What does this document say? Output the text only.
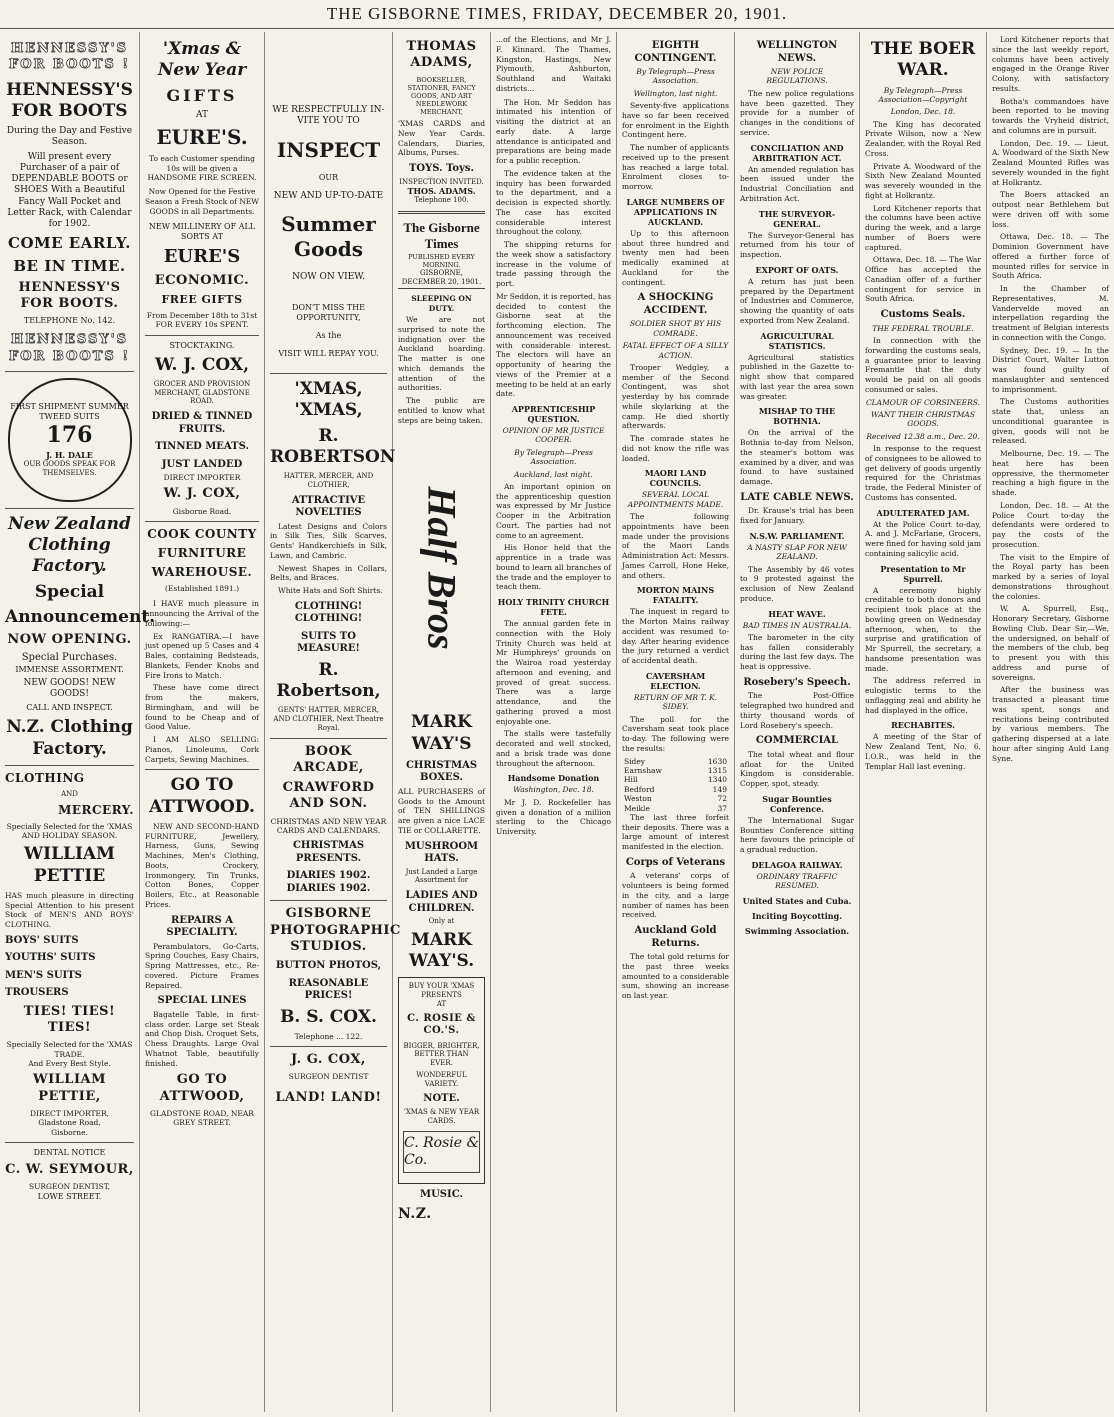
THE GISBORNE TIMES, FRIDAY, DECEMBER 20, 1901.
HENNESSY'S FOR BOOTS !
HENNESSY'S FOR BOOTS
During the Day and Festive Season.
Will present every Purchaser of a pair of DEPENDABLE BOOTS or SHOES With a Beautiful Fancy Wall Pocket and Letter Rack, with Calendar for 1902.
COME EARLY.
BE IN TIME.
HENNESSY'S FOR BOOTS.
TELEPHONE No. 142.
HENNESSY'S FOR BOOTS !
FIRST SHIPMENT SUMMER TWEED SUITS
176
J. H. DALE
OUR GOODS SPEAK FOR THEMSELVES.
New Zealand Clothing Factory.
Special
Announcement.
NOW OPENING.
Special Purchases.
IMMENSE ASSORTMENT.
NEW GOODS! NEW GOODS!
CALL AND INSPECT.
N.Z. Clothing Factory.
CLOTHING
AND
MERCERY.
Specially Selected for the 'XMAS AND HOLIDAY SEASON.
WILLIAM PETTIE
HAS much pleasure in directing Special Attention to his present Stock of MEN'S AND BOYS' CLOTHING.
BOYS' SUITS
YOUTHS' SUITS
MEN'S SUITS
TROUSERS
TIES! TIES! TIES!
Specially Selected for the 'XMAS TRADE.
And Every Best Style.
WILLIAM PETTIE,
DIRECT IMPORTER,
Gladstone Road,
Gisborne.
DENTAL NOTICE
C. W. SEYMOUR,
SURGEON DENTIST,
LOWE STREET.
'Xmas & New Year
GIFTS
AT
EURE'S.
To each Customer spending 10s will be given a HANDSOME FIRE SCREEN.
Now Opened for the Festive Season a Fresh Stock of NEW GOODS in all Departments.
NEW MILLINERY OF ALL SORTS AT
EURE'S
ECONOMIC.
FREE GIFTS
From December 18th to 31st FOR EVERY 10s SPENT.
STOCKTAKING.
W. J. COX,
GROCER AND PROVISION MERCHANT, GLADSTONE ROAD.
DRIED & TINNED FRUITS.
TINNED MEATS.
JUST LANDED
DIRECT IMPORTER
W. J. COX,
Gisborne Road.
COOK COUNTY
FURNITURE
WAREHOUSE.
(Established 1891.)

I HAVE much pleasure in announcing the Arrival of the following:—

Ex RANGATIRA.—I have just opened up 5 Cases and 4 Bales, containing Bedsteads, Blankets, Fender Knobs and Fire Irons to Match.

These have come direct from the makers, Birmingham, and will be found to be Cheap and of Good Value.

I AM ALSO SELLING: Pianos, Linoleums, Cork Carpets, Sewing Machines.

GO TO ATTWOOD.

NEW AND SECOND-HAND FURNITURE, Jewellery, Harness, Guns, Sewing Machines, Men's Clothing, Boots, Crockery, Ironmongery, Tin Trunks, Cotton Bones, Copper Boilers, Etc., at Reasonable Prices.

REPAIRS A SPECIALITY.

Perambulators, Go-Carts, Spring Couches, Easy Chairs, Spring Mattresses, etc., Re-covered. Picture Frames Repaired.

SPECIAL LINES

Bagatelle Table, in first-class order. Large set Steak and Chop Dish. Croquet Sets, Chess Draughts. Large Oval Whatnot Table, beautifully finished.

GO TO ATTWOOD,
GLADSTONE ROAD, NEAR GREY STREET.
WE RESPECTFULLY IN- VITE YOU TO
INSPECT
OUR
NEW AND UP-TO-DATE
Summer Goods
NOW ON VIEW.
DON'T MISS THE OPPORTUNITY,
As the
VISIT WILL REPAY YOU.
'XMAS, 'XMAS,
R. ROBERTSON
HATTER, MERCER, AND CLOTHIER,
ATTRACTIVE NOVELTIES

Latest Designs and Colors in Silk Ties, Silk Scarves, Gents' Handkerchiefs in Silk, Lawn, and Cambric.

Newest Shapes in Collars, Belts, and Braces.

White Hats and Soft Shirts.

CLOTHING! CLOTHING!
SUITS TO MEASURE!
R. Robertson,
GENTS' HATTER, MERCER, AND CLOTHIER, Next Theatre Royal.
BOOK ARCADE,
CRAWFORD AND SON.
CHRISTMAS AND NEW YEAR CARDS AND CALENDARS.
CHRISTMAS PRESENTS.
DIARIES 1902. DIARIES 1902.
GISBORNE PHOTOGRAPHIC STUDIOS.
BUTTON PHOTOS,
REASONABLE PRICES!
B. S. COX.
Telephone ... 122.
J. G. COX,
SURGEON DENTIST
LAND! LAND!
THOMAS ADAMS,
BOOKSELLER, STATIONER, FANCY GOODS, AND ART NEEDLEWORK MERCHANT,
'XMAS CARDS and New Year Cards. Calendars, Diaries, Albums, Purses.
TOYS. Toys.
INSPECTION INVITED.
THOS. ADAMS.
Telephone 100.
The Gisborne Times
PUBLISHED EVERY MORNING.
GISBORNE, DECEMBER 20, 1901.
SLEEPING ON DUTY.

We are not surprised to note the indignation over the Auckland hoarding. The matter is one which demands the attention of the authorities.

The public are entitled to know what steps are being taken.

Half Bros
MARK WAY'S
CHRISTMAS BOXES.
ALL PURCHASERS of Goods to the Amount of TEN SHILLINGS are given a nice LACE TIE or COLLARETTE.
MUSHROOM HATS.
Just Landed a Large Assortment for
LADIES AND CHILDREN.
Only at
MARK WAY'S.
BUY YOUR 'XMAS PRESENTS
AT
C. ROSIE & CO.'S.
BIGGER, BRIGHTER, BETTER THAN EVER.
WONDERFUL VARIETY.
NOTE.
'XMAS & NEW YEAR CARDS.
C. Rosie & Co.
MUSIC.
N.Z.
...of the Elections, and Mr J. F. Kinnard. The Thames, Kingston, Hastings, New Plymouth, Ashburton, Southland and Waitaki districts...

The Hon. Mr Seddon has intimated his intention of visiting the district at an early date. A large attendance is anticipated and preparations are being made for a public reception.

The evidence taken at the inquiry has been forwarded to the department, and a decision is expected shortly. The case has excited considerable interest throughout the colony.

The shipping returns for the week show a satisfactory increase in the volume of trade passing through the port.

Mr Seddon, it is reported, has decided to contest the Gisborne seat at the forthcoming election. The announcement was received with considerable interest. The electors will have an opportunity of hearing the views of the Premier at a meeting to be held at an early date.
APPRENTICESHIP QUESTION.
OPINION OF MR JUSTICE COOPER.
By Telegraph—Press Association.
Auckland, last night.

An important opinion on the apprenticeship question was expressed by Mr Justice Cooper in the Arbitration Court. The parties had not come to an agreement.

His Honor held that the apprentice in a trade was bound to learn all branches of the trade and the employer to teach them.

HOLY TRINITY CHURCH FETE.

The annual garden fete in connection with the Holy Trinity Church was held at Mr Humphreys' grounds on the Wairoa road yesterday afternoon and evening, and proved of great success. There was a large attendance, and the gathering proved a most enjoyable one.

The stalls were tastefully decorated and well stocked, and a brisk trade was done throughout the afternoon.

Handsome Donation
Washington, Dec. 18.

Mr J. D. Rockefeller has given a donation of a million sterling to the Chicago University.

EIGHTH CONTINGENT.
By Telegraph—Press Association.
Wellington, last night.

Seventy-five applications have so far been received for enrolment in the Eighth Contingent here.

The number of applicants received up to the present has reached a large total. Enrolment closes to-morrow.

LARGE NUMBERS OF APPLICATIONS IN AUCKLAND.

Up to this afternoon about three hundred and twenty men had been medically examined at Auckland for the contingent.

A SHOCKING ACCIDENT.
SOLDIER SHOT BY HIS COMRADE.
FATAL EFFECT OF A SILLY ACTION.

Trooper Wedgley, a member of the Second Contingent, was shot yesterday by his comrade while skylarking at the camp. He died shortly afterwards.

The comrade states he did not know the rifle was loaded.

MAORI LAND COUNCILS.
SEVERAL LOCAL APPOINTMENTS MADE.

The following appointments have been made under the provisions of the Maori Lands Administration Act: Messrs. James Carroll, Hone Heke, and others.

MORTON MAINS FATALITY.

The inquest in regard to the Morton Mains railway accident was resumed to-day. After hearing evidence the jury returned a verdict of accidental death.

CAVERSHAM ELECTION.
RETURN OF MR T. K. SIDEY.

The poll for the Caversham seat took place to-day. The following were the results:

Sidey	1630
Earnshaw	1315
Hill	1340
Bedford	149
Weston	72
Meikle	37

The last three forfeit their deposits. There was a large amount of interest manifested in the election.

Corps of Veterans

A veterans' corps of volunteers is being formed in the city, and a large number of names has been received.

Auckland Gold Returns.

The total gold returns for the past three weeks amounted to a considerable sum, showing an increase on last year.

WELLINGTON NEWS.
NEW POLICE REGULATIONS.

The new police regulations have been gazetted. They provide for a number of changes in the conditions of service.

CONCILIATION AND ARBITRATION ACT.

An amended regulation has been issued under the Industrial Conciliation and Arbitration Act.

THE SURVEYOR-GENERAL.

The Surveyor-General has returned from his tour of inspection.

EXPORT OF OATS.

A return has just been prepared by the Department of Industries and Commerce, showing the quantity of oats exported from New Zealand.

AGRICULTURAL STATISTICS.

Agricultural statistics published in the Gazette to-night show that compared with last year the area sown was greater.

MISHAP TO THE BOTHNIA.

On the arrival of the Bothnia to-day from Nelson, the steamer's bottom was examined by a diver, and was found to have sustained damage.

LATE CABLE NEWS.

Dr. Krause's trial has been fixed for January.

N.S.W. PARLIAMENT.
A NASTY SLAP FOR NEW ZEALAND.

The Assembly by 46 votes to 9 protested against the exclusion of New Zealand produce.

HEAT WAVE.
BAD TIMES IN AUSTRALIA.

The barometer in the city has fallen considerably during the last few days. The heat is oppressive.

Rosebery's Speech.

The Post-Office telegraphed two hundred and thirty thousand words of Lord Rosebery's speech.

COMMERCIAL

The total wheat and flour afloat for the United Kingdom is considerable. Copper, spot, steady.

Sugar Bounties Conference.

The International Sugar Bounties Conference sitting here favours the principle of a gradual reduction.

DELAGOA RAILWAY.
ORDINARY TRAFFIC RESUMED.
United States and Cuba.
Inciting Boycotting.
Swimming Association.
THE BOER WAR.
By Telegraph—Press Association—Copyright
London, Dec. 18.

The King has decorated Private Wilson, now a New Zealander, with the Royal Red Cross.

Private A. Woodward of the Sixth New Zealand Mounted was severely wounded in the fight at Holkrantz.

Lord Kitchener reports that the columns have been active during the week, and a large number of Boers were captured.

Ottawa, Dec. 18. — The War Office has accepted the Canadian offer of a further contingent for service in South Africa.

Customs Seals.
THE FEDERAL TROUBLE.

In connection with the forwarding the customs seals, a guarantee prior to leaving Fremantle that the duty would be paid on all goods consumed or sales.

CLAMOUR OF CORSINEERS.
WANT THEIR CHRISTMAS GOODS.
Received 12.38 a.m., Dec. 20.

In response to the request of consignees to be allowed to get delivery of goods urgently required for the Christmas trade, the Federal Minister of Customs has consented.

ADULTERATED JAM.

At the Police Court to-day, A. and J. McFarlane, Grocers, were fined for having sold jam containing salicylic acid.

Presentation to Mr Spurrell.

A ceremony highly creditable to both donors and recipient took place at the bowling green on Wednesday afternoon, when, to the surprise and gratification of Mr Spurrell, the secretary, a handsome presentation was made.

The address referred in eulogistic terms to the unflagging zeal and ability he had displayed in the office.

RECHABITES.

A meeting of the Star of New Zealand Tent, No. 6, I.O.R., was held in the Templar Hall last evening.

Lord Kitchener reports that since the last weekly report, columns have been actively engaged in the Orange River Colony, with satisfactory results.

Botha's commandoes have been reported to be moving towards the Vryheid district, and columns are in pursuit.

London, Dec. 19. — Lieut. A. Woodward of the Sixth New Zealand Mounted Rifles was severely wounded in the fight at Holkrantz.

The Boers attacked an outpost near Bethlehem but were driven off with some loss.

Ottawa, Dec. 18. — The Dominion Government have offered a further force of mounted rifles for service in South Africa.

In the Chamber of Representatives, M. Vandervelde moved an interpellation regarding the treatment of Belgian interests in connection with the Congo.

Sydney, Dec. 19. — In the District Court, Walter Lutton was found guilty of manslaughter and sentenced to imprisonment.

The Customs authorities state that, unless an unconditional guarantee is given, goods will not be released.

Melbourne, Dec. 19. — The heat here has been oppressive, the thermometer reaching a high figure in the shade.

London, Dec. 18. — At the Police Court to-day the defendants were ordered to pay the costs of the prosecution.

The visit to the Empire of the Royal party has been marked by a series of loyal demonstrations throughout the colonies.

W. A. Spurrell, Esq., Honorary Secretary, Gisborne Bowling Club. Dear Sir,—We, the undersigned, on behalf of the members of the club, beg to present you with this address and purse of sovereigns.

After the business was transacted a pleasant time was spent, songs and recitations being contributed by various members. The gathering dispersed at a late hour after singing Auld Lang Syne.
